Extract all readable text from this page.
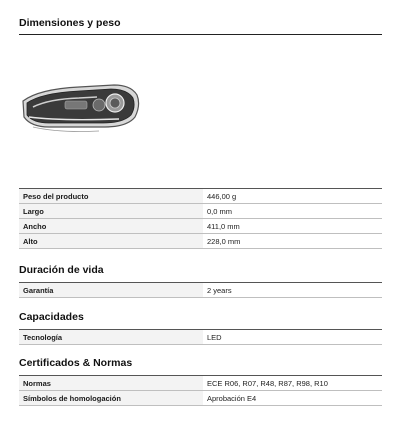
Dimensiones y peso
Peso del producto	446,00 g
Largo	0,0 mm
Ancho	411,0 mm
Alto	228,0 mm
Duración de vida
Garantía	2 years
Capacidades
Tecnología	LED
Certificados & Normas
Normas	ECE R06, R07, R48, R87, R98, R10
Símbolos de homologación	Aprobación E4
